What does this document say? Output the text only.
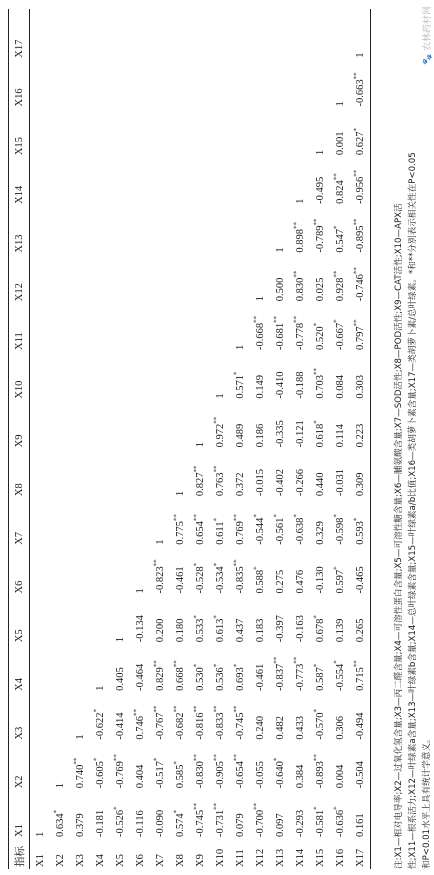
指标	X1	X2	X3	X4	X5	X6	X7	X8	X9	X10	X11	X12	X13	X14	X15	X16	X17
X1	1																
X2	0.634*	1															
X3	0.379	0.740**	1														
X4	-0.181	-0.605*	-0.622*	1													
X5	-0.526*	-0.769**	-0.414	0.405	1												
X6	-0.116	0.404	0.746**	-0.464	-0.134	1											
X7	-0.090	-0.517*	-0.767**	0.829**	0.200	-0.823**	1										
X8	0.574*	0.585*	-0.682**	0.668**	0.180	-0.461	0.775**	1									
X9	-0.745**	-0.830**	-0.816**	0.530*	0.533*	-0.528*	0.654**	0.827**	1								
X10	-0.731**	-0.905**	-0.833**	0.536*	0.613*	-0.534*	0.611*	0.763**	0.972**	1							
X11	0.079	-0.654**	-0.745**	0.693*	0.437	-0.835**	0.769**	0.372	0.489	0.571*	1						
X12	-0.700**	-0.055	0.240	-0.461	0.183	0.588*	-0.544*	-0.015	0.186	0.149	-0.668**	1					
X13	0.097	-0.640*	0.482	-0.837**	-0.397	0.275	-0.561*	-0.402	-0.335	-0.410	-0.681**	0.500	1				
X14	-0.293	0.384	0.433	-0.773**	-0.163	0.476	-0.638*	-0.266	-0.121	-0.188	-0.778**	0.830**	0.898**	1			
X15	-0.581*	-0.893**	-0.570*	0.587*	0.678*	-0.130	0.329	0.440	0.618*	0.703**	0.520*	0.025	-0.789**	-0.495	1		
X16	-0.636*	0.004	0.306	-0.554*	0.139	0.597*	-0.598*	-0.031	0.114	0.084	-0.667*	0.928**	0.547*	0.824**	0.001	1	
X17	0.161	-0.504	-0.494	0.715**	0.265	-0.465	0.593*	0.309	0.223	0.303	0.797**	-0.746**	-0.895**	-0.956**	0.627*	-0.663**	1
注:X1—相对电导率;X2—过氧化氢含量;X3—丙二醛含量;X4—可溶性蛋白含量;X5—可溶性糖含量;X6—脯氨酸含量;X7—SOD活性;X8—POD活性;X9—CAT活性;X10—APX活 性;X11—根系活力;X12—叶绿素a含量;X13—叶绿素b含量;X14—总叶绿素含量;X15—叶绿素a/b比值;X16—类胡萝卜素含量;X17—类胡萝卜素/总叶绿素。*和**分别表示相关性在P<0.05 和P<0.01水平上具有统计学意义。
🐾 农林药材网
